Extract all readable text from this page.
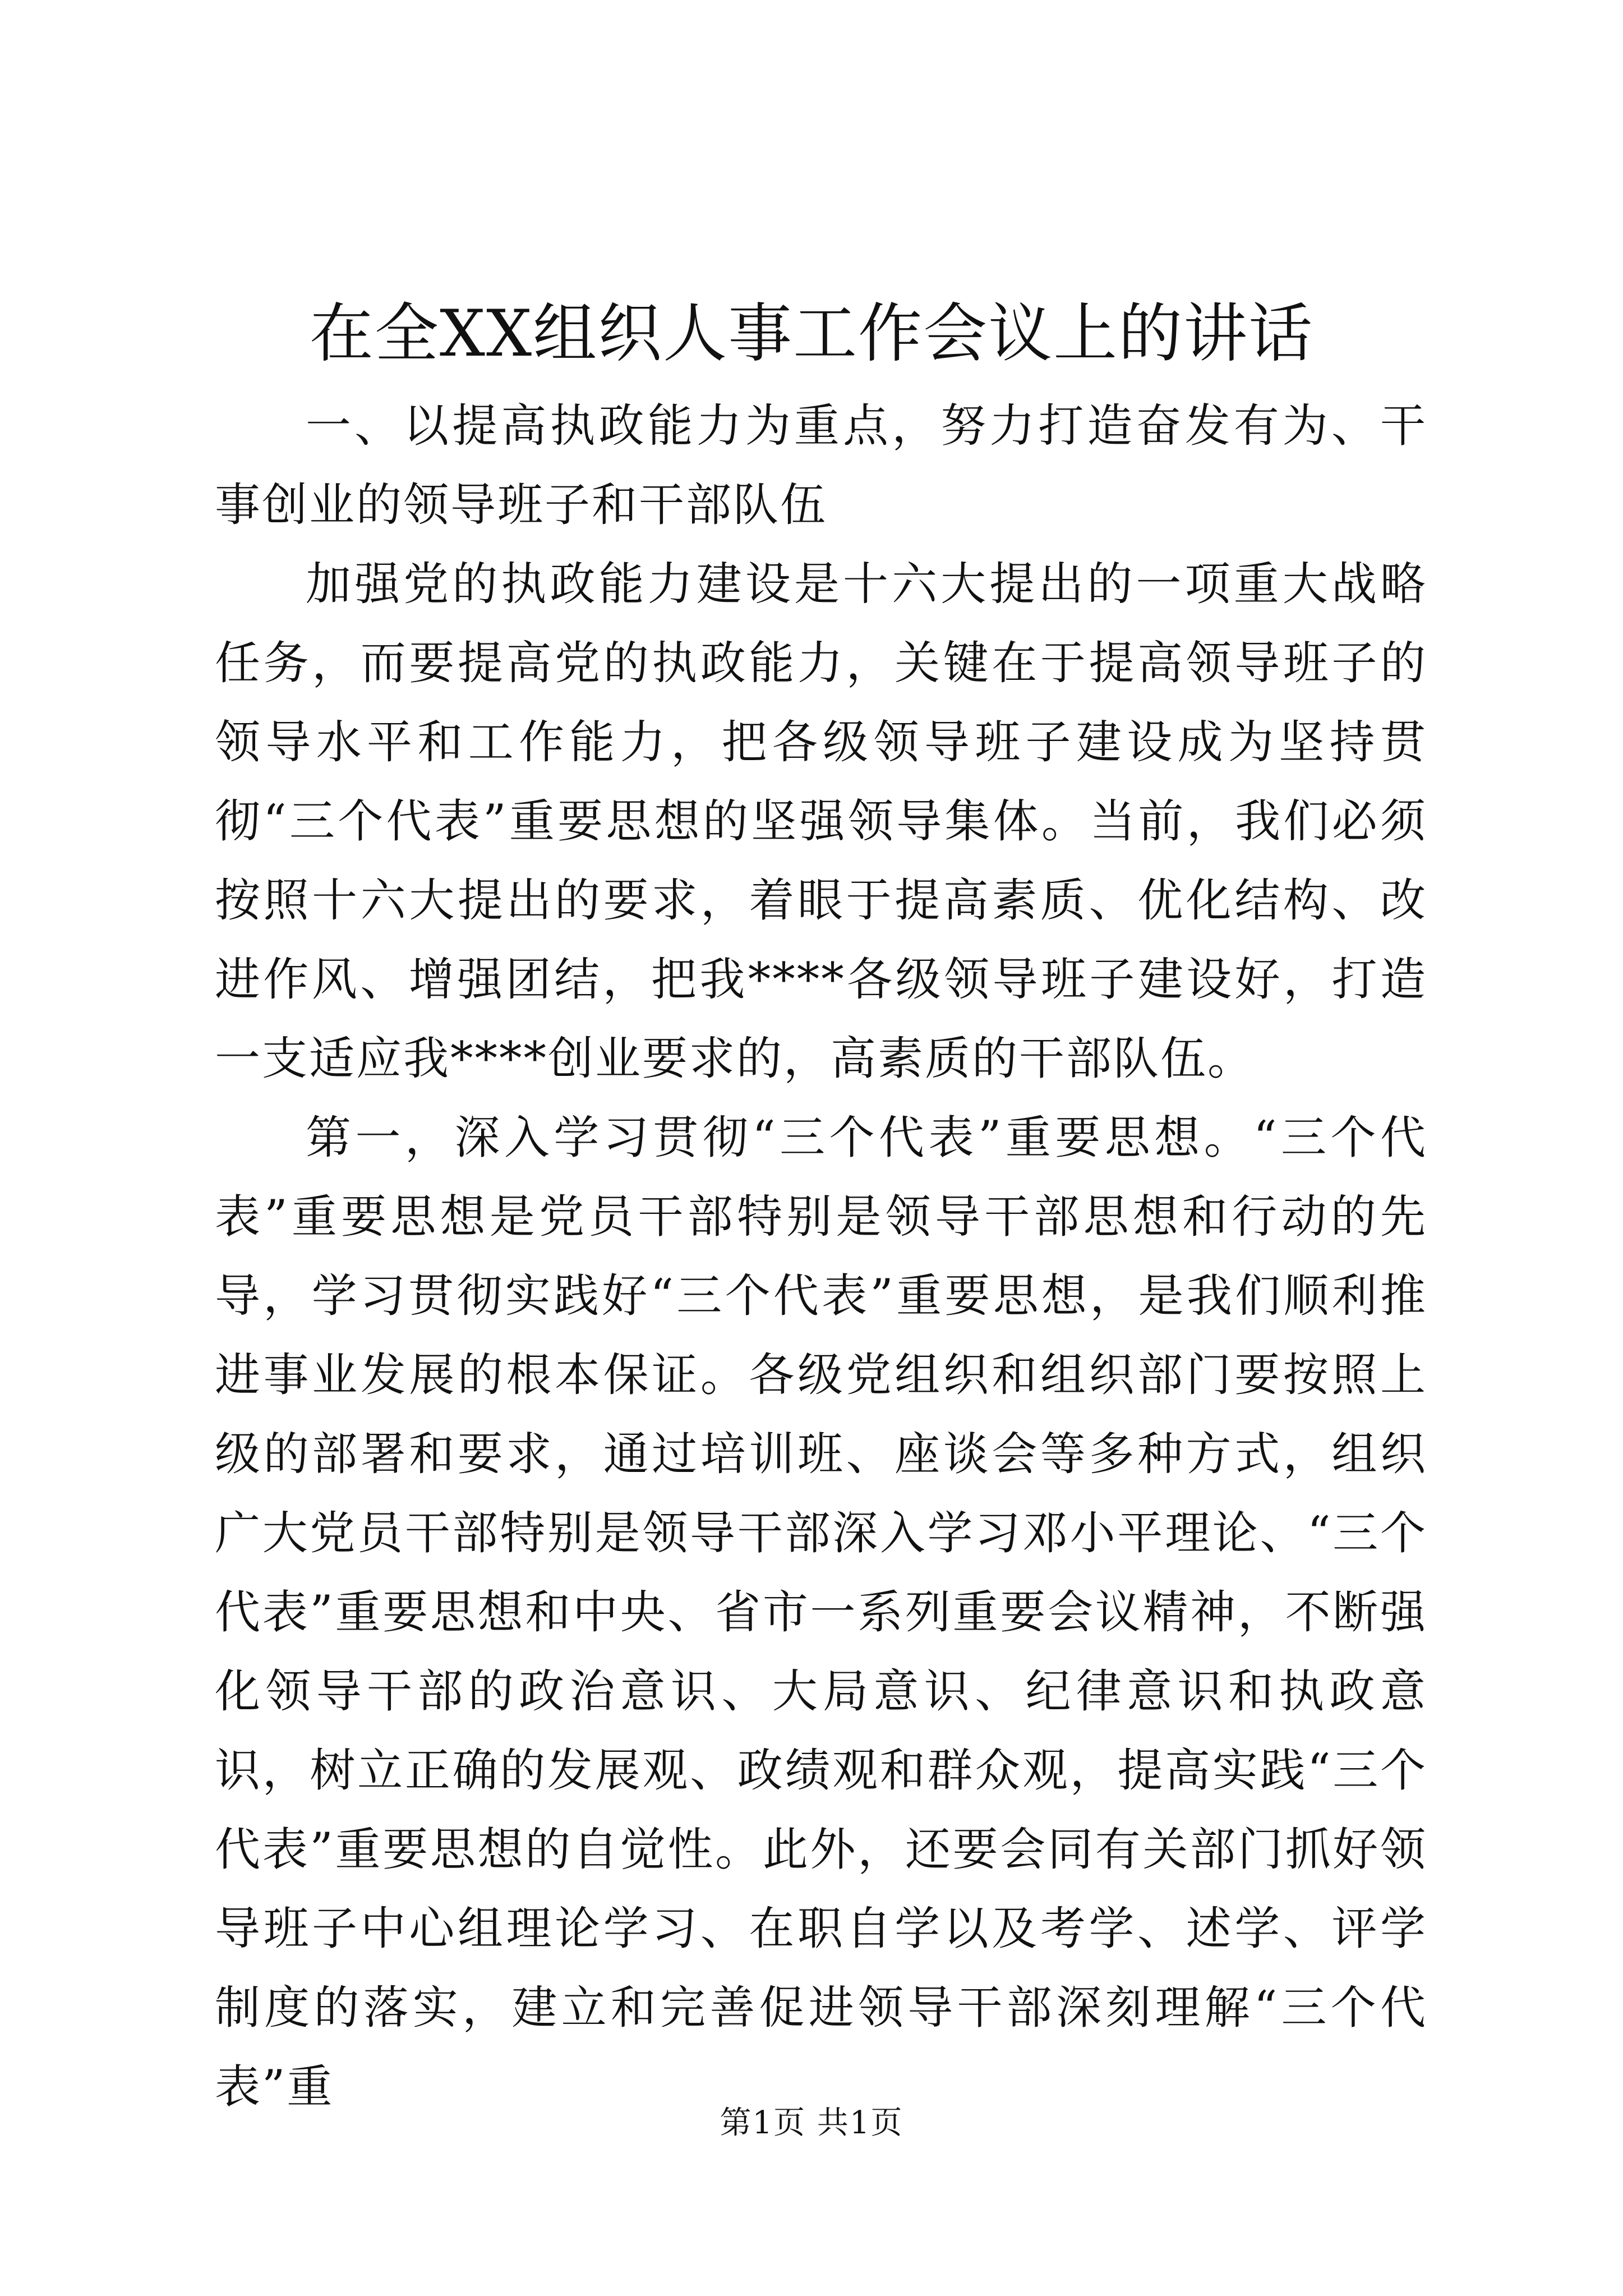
在全XX组织人事工作会议上的讲话

一、以提高执政能力为重点，努力打造奋发有为、干事创业的领导班子和干部队伍

加强党的执政能力建设是十六大提出的一项重大战略任务，而要提高党的执政能力，关键在于提高领导班子的领导水平和工作能力，把各级领导班子建设成为坚持贯彻“三个代表”重要思想的坚强领导集体。当前，我们必须按照十六大提出的要求，着眼于提高素质、优化结构、改进作风、增强团结，把我****各级领导班子建设好，打造一支适应我****创业要求的，高素质的干部队伍。

第一，深入学习贯彻“三个代表”重要思想。“三个代表”重要思想是党员干部特别是领导干部思想和行动的先导，学习贯彻实践好“三个代表”重要思想，是我们顺利推进事业发展的根本保证。各级党组织和组织部门要按照上级的部署和要求，通过培训班、座谈会等多种方式，组织广大党员干部特别是领导干部深入学习邓小平理论、“三个代表”重要思想和中央、省市一系列重要会议精神，不断强化领导干部的政治意识、大局意识、纪律意识和执政意识，树立正确的发展观、政绩观和群众观，提高实践“三个代表”重要思想的自觉性。此外，还要会同有关部门抓好领导班子中心组理论学习、在职自学以及考学、述学、评学制度的落实，建立和完善促进领导干部深刻理解“三个代表”重

第1页 共1页
